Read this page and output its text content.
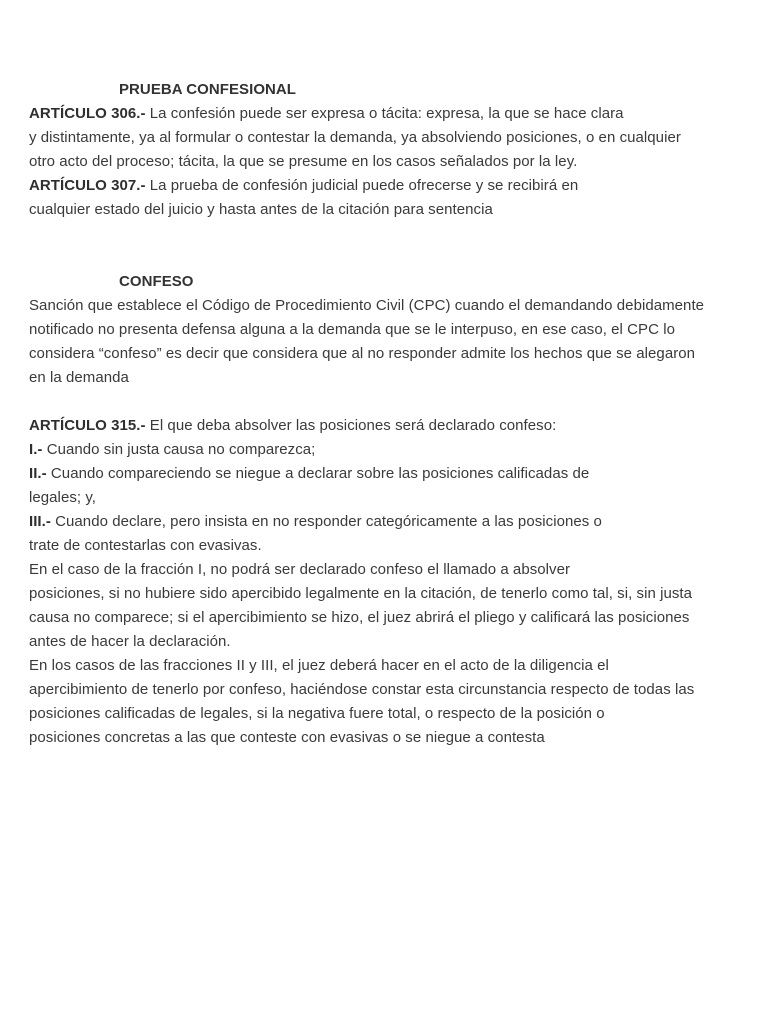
PRUEBA CONFESIONAL
ARTÍCULO 306.- La confesión puede ser expresa o tácita: expresa, la que se hace clara
y distintamente, ya al formular o contestar la demanda, ya absolviendo posiciones, o en cualquier
otro acto del proceso; tácita, la que se presume en los casos señalados por la ley.
ARTÍCULO 307.- La prueba de confesión judicial puede ofrecerse y se recibirá en
cualquier estado del juicio y hasta antes de la citación para sentencia
CONFESO
Sanción que establece el Código de Procedimiento Civil (CPC) cuando el demandando debidamente
notificado no presenta defensa alguna a la demanda que se le interpuso, en ese caso, el CPC lo
considera “confeso” es decir que considera que al no responder admite los hechos que se alegaron
en la demanda
ARTÍCULO 315.- El que deba absolver las posiciones será declarado confeso:
I.- Cuando sin justa causa no comparezca;
II.- Cuando compareciendo se niegue a declarar sobre las posiciones calificadas de
legales; y,
III.- Cuando declare, pero insista en no responder categóricamente a las posiciones o
trate de contestarlas con evasivas.
En el caso de la fracción I, no podrá ser declarado confeso el llamado a absolver
posiciones, si no hubiere sido apercibido legalmente en la citación, de tenerlo como tal, si, sin justa
causa no comparece; si el apercibimiento se hizo, el juez abrirá el pliego y calificará las posiciones
antes de hacer la declaración.
En los casos de las fracciones II y III, el juez deberá hacer en el acto de la diligencia el
apercibimiento de tenerlo por confeso, haciéndose constar esta circunstancia respecto de todas las
posiciones calificadas de legales, si la negativa fuere total, o respecto de la posición o
posiciones concretas a las que conteste con evasivas o se niegue a contesta
